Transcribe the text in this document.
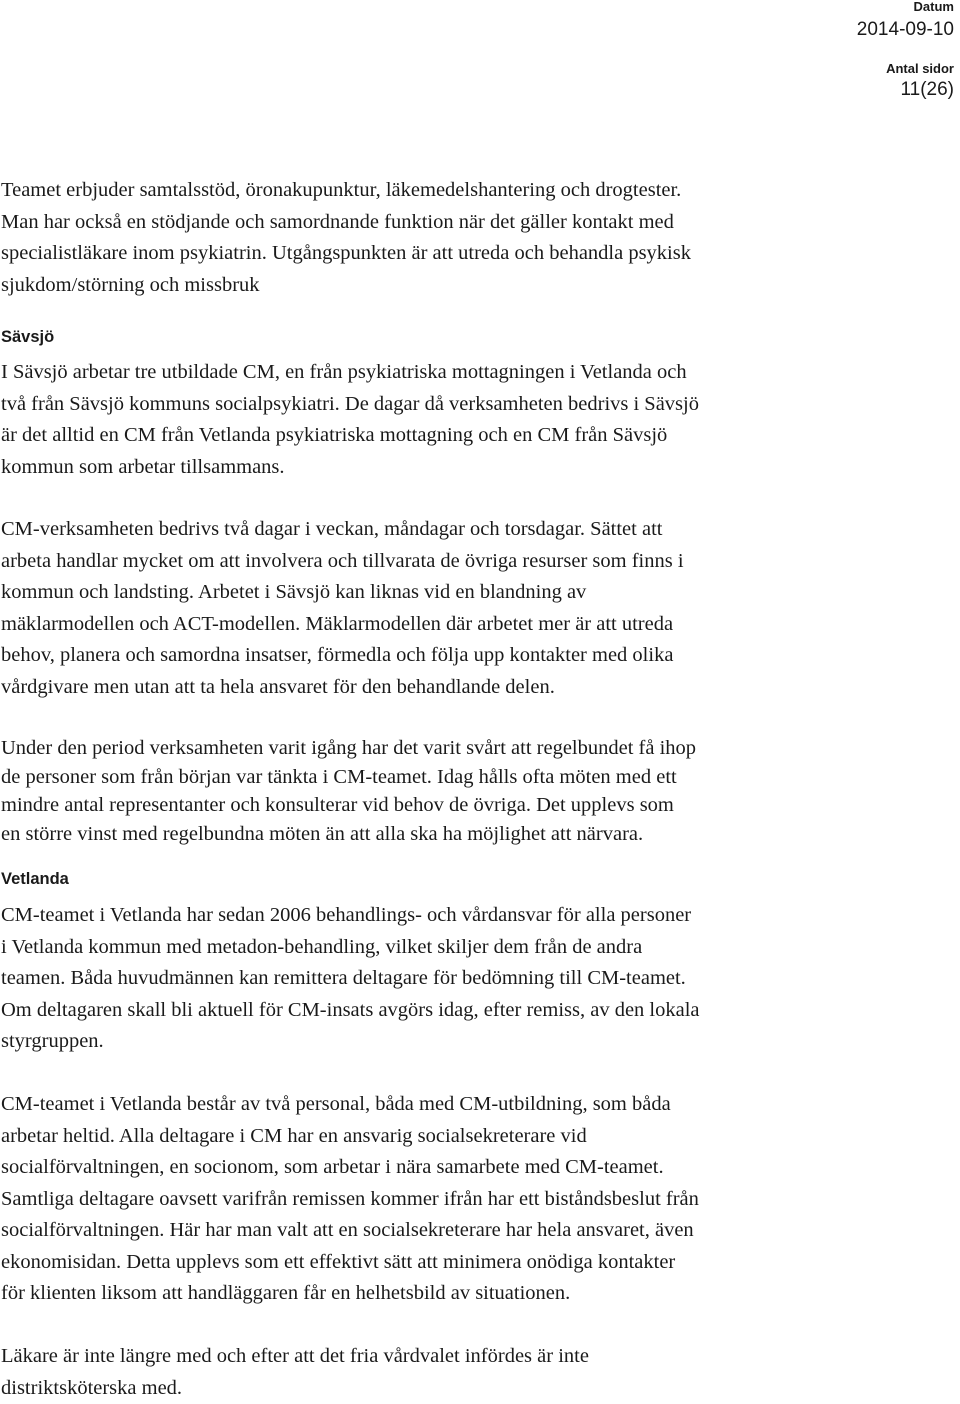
Datum
2014-09-10
Antal sidor
11(26)

Teamet erbjuder samtalsstöd, öronakupunktur, läkemedelshantering och drogtester.
Man har också en stödjande och samordnande funktion när det gäller kontakt med
specialistläkare inom psykiatrin. Utgångspunkten är att utreda och behandla psykisk
sjukdom/störning och missbruk

Sävsjö

I Sävsjö arbetar tre utbildade CM, en från psykiatriska mottagningen i Vetlanda och
två från Sävsjö kommuns socialpsykiatri. De dagar då verksamheten bedrivs i Sävsjö
är det alltid en CM från Vetlanda psykiatriska mottagning och en CM från Sävsjö
kommun som arbetar tillsammans.

CM-verksamheten bedrivs två dagar i veckan, måndagar och torsdagar. Sättet att
arbeta handlar mycket om att involvera och tillvarata de övriga resurser som finns i
kommun och landsting. Arbetet i Sävsjö kan liknas vid en blandning av
mäklarmodellen och ACT-modellen. Mäklarmodellen där arbetet mer är att utreda
behov, planera och samordna insatser, förmedla och följa upp kontakter med olika
vårdgivare men utan att ta hela ansvaret för den behandlande delen.

Under den period verksamheten varit igång har det varit svårt att regelbundet få ihop
de personer som från början var tänkta i CM-teamet. Idag hålls ofta möten med ett
mindre antal representanter och konsulterar vid behov de övriga. Det upplevs som
en större vinst med regelbundna möten än att alla ska ha möjlighet att närvara.

Vetlanda

CM-teamet i Vetlanda har sedan 2006 behandlings- och vårdansvar för alla personer
i Vetlanda kommun med metadon-behandling, vilket skiljer dem från de andra
teamen. Båda huvudmännen kan remittera deltagare för bedömning till CM-teamet.
Om deltagaren skall bli aktuell för CM-insats avgörs idag, efter remiss, av den lokala
styrgruppen.

CM-teamet i Vetlanda består av två personal, båda med CM-utbildning, som båda
arbetar heltid. Alla deltagare i CM har en ansvarig socialsekreterare vid
socialförvaltningen, en socionom, som arbetar i nära samarbete med CM-teamet.
Samtliga deltagare oavsett varifrån remissen kommer ifrån har ett biståndsbeslut från
socialförvaltningen. Här har man valt att en socialsekreterare har hela ansvaret, även
ekonomisidan. Detta upplevs som ett effektivt sätt att minimera onödiga kontakter
för klienten liksom att handläggaren får en helhetsbild av situationen.

Läkare är inte längre med och efter att det fria vårdvalet infördes är inte
distriktsköterska med.
